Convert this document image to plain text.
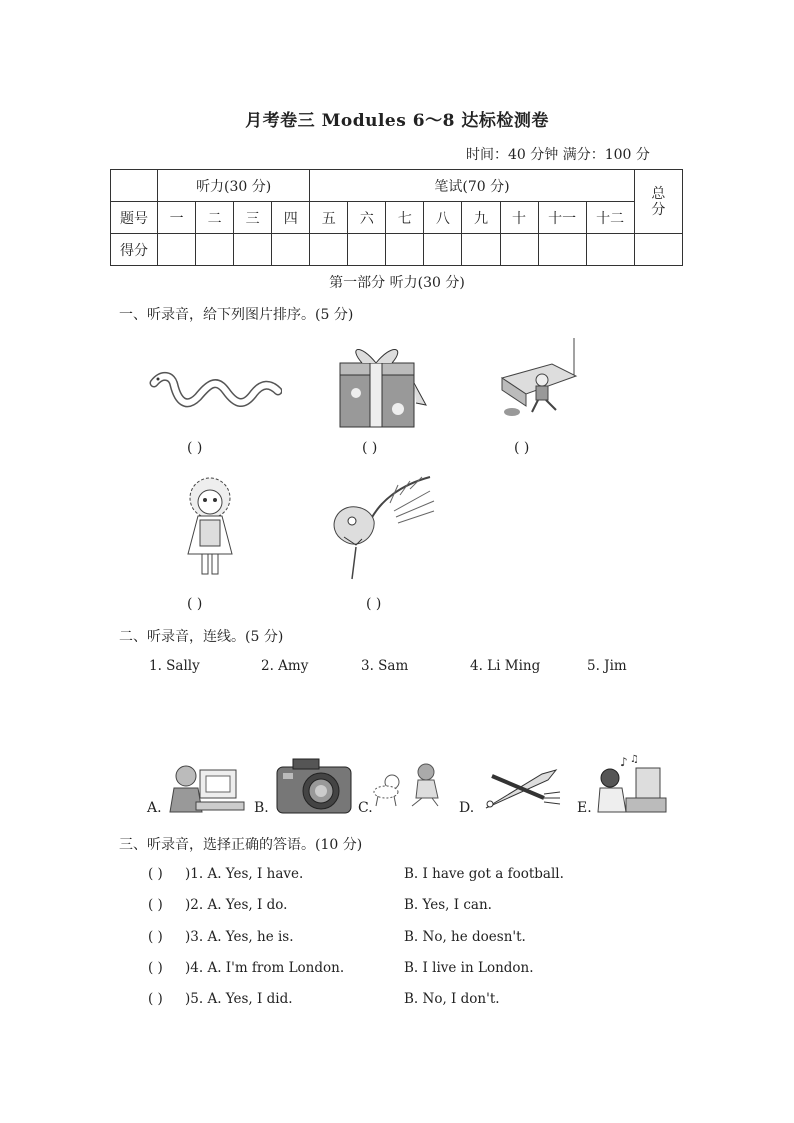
月考卷三 Modules 6～8 达标检测卷
时间：40 分钟 满分：100 分
	听力(30 分)				笔试(70 分)								总分
题号	一	二	三	四	五	六	七	八	九	十	十一	十二	
得分													
第一部分 听力(30 分)
一、听录音，给下列图片排序。(5 分)
( )	( )	( )
( )	( )
二、听录音，连线。(5 分)
1. Sally	2. Amy	3. Sam	4. Li Ming	5. Jim
A.	B.	C.	D.	E.
♪ ♫
三、听录音，选择正确的答语。(10 分)
( ) )1. A. Yes, I have.	B. I have got a football.
( ) )2. A. Yes, I do.	B. Yes, I can.
( ) )3. A. Yes, he is.	B. No, he doesn't.
( ) )4. A. I'm from London.	B. I live in London.
( ) )5. A. Yes, I did.	B. No, I don't.
